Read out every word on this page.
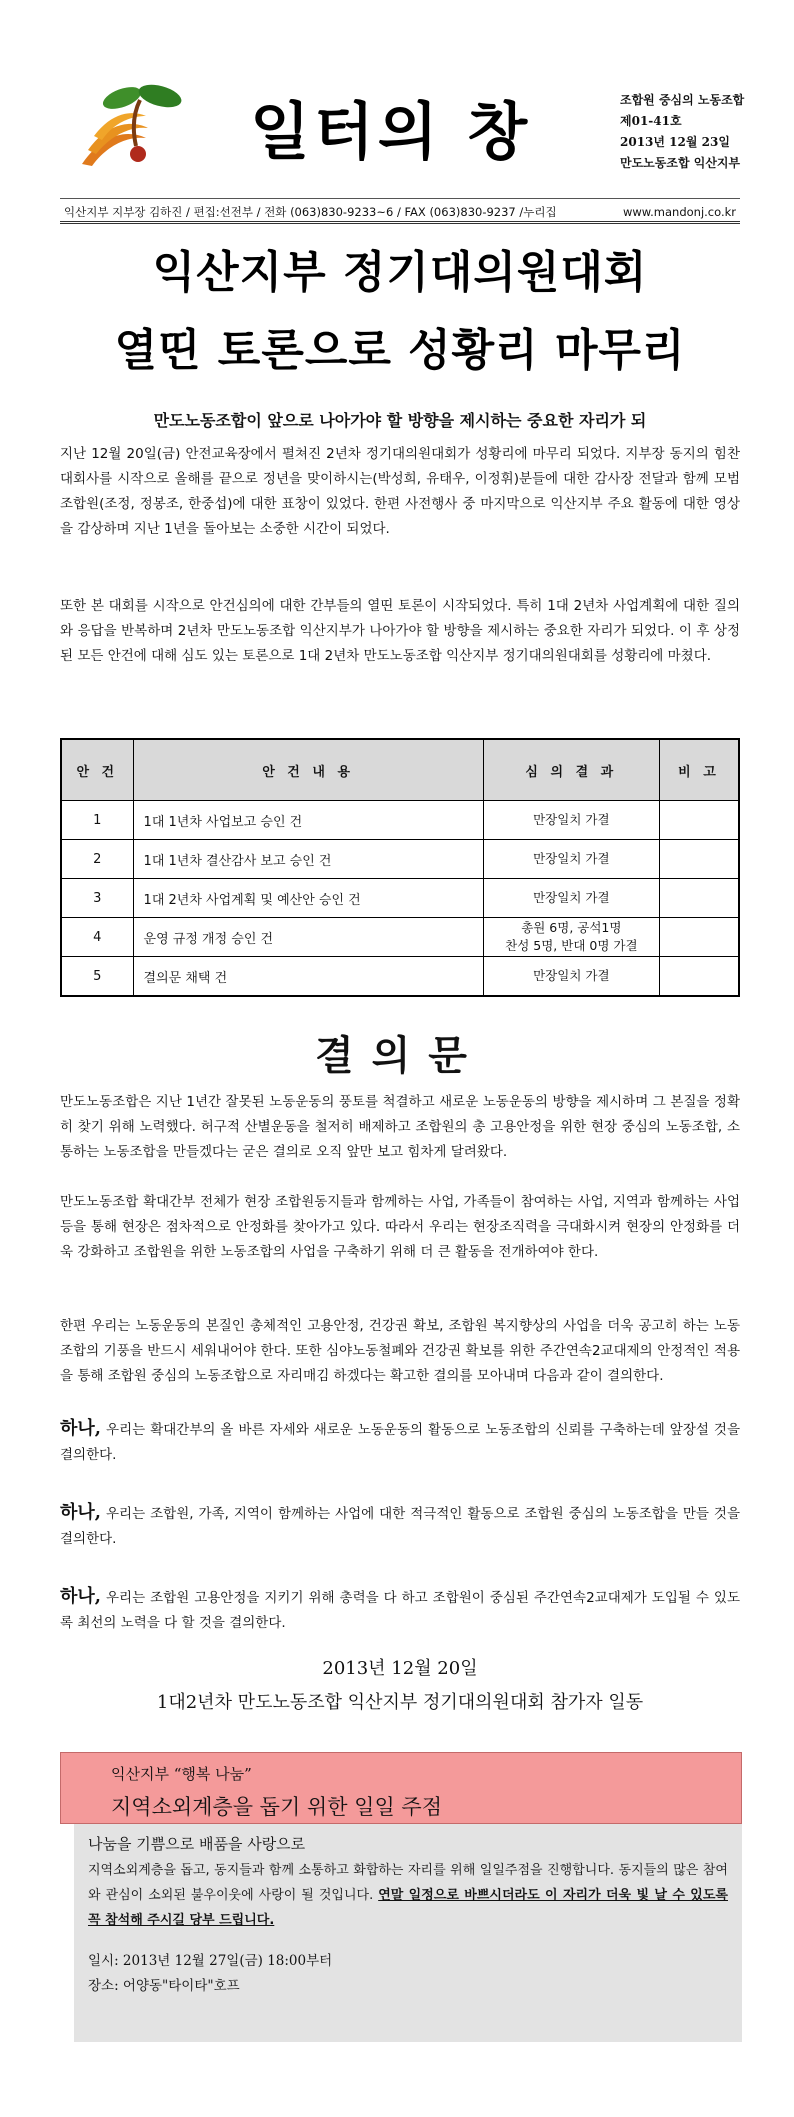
일터의 창	조합원 중심의 노동조합
제01-41호
2013년 12월 23일
만도노동조합 익산지부
익산지부 지부장 김하진 / 편집:선전부 / 전화 (063)830-9233~6 / FAX (063)830-9237 /누리집	www.mandonj.co.kr
익산지부 정기대의원대회
열띤 토론으로 성황리 마무리
만도노동조합이 앞으로 나아가야 할 방향을 제시하는 중요한 자리가 되

지난 12월 20일(금) 안전교육장에서 펼쳐진 2년차 정기대의원대회가 성황리에 마무리 되었다. 지부장 동지의 힘찬 대회사를 시작으로 올해를 끝으로 정년을 맞이하시는(박성희, 유태우, 이정휘)분들에 대한 감사장 전달과 함께 모범조합원(조정, 정봉조, 한중섭)에 대한 표창이 있었다. 한편 사전행사 중 마지막으로 익산지부 주요 활동에 대한 영상을 감상하며 지난 1년을 돌아보는 소중한 시간이 되었다.

또한 본 대회를 시작으로 안건심의에 대한 간부들의 열띤 토론이 시작되었다. 특히 1대 2년차 사업계획에 대한 질의와 응답을 반복하며 2년차 만도노동조합 익산지부가 나아가야 할 방향을 제시하는 중요한 자리가 되었다. 이 후 상정된 모든 안건에 대해 심도 있는 토론으로 1대 2년차 만도노동조합 익산지부 정기대의원대회를 성황리에 마쳤다.

안 건	안 건 내 용	심 의 결 과	비 고
1	1대 1년차 사업보고 승인 건	만장일치 가결	
2	1대 1년차 결산감사 보고 승인 건	만장일치 가결	
3	1대 2년차 사업계획 및 예산안 승인 건	만장일치 가결	
4	운영 규정 개정 승인 건	총원 6명, 공석1명
찬성 5명, 반대 0명 가결	

5	결의문 채택 건	만장일치 가결	
결의문

만도노동조합은 지난 1년간 잘못된 노동운동의 풍토를 척결하고 새로운 노동운동의 방향을 제시하며 그 본질을 정확히 찾기 위해 노력했다. 허구적 산별운동을 철저히 배제하고 조합원의 총 고용안정을 위한 현장 중심의 노동조합, 소통하는 노동조합을 만들겠다는 굳은 결의로 오직 앞만 보고 힘차게 달려왔다.

만도노동조합 확대간부 전체가 현장 조합원동지들과 함께하는 사업, 가족들이 참여하는 사업, 지역과 함께하는 사업 등을 통해 현장은 점차적으로 안정화를 찾아가고 있다. 따라서 우리는 현장조직력을 극대화시켜 현장의 안정화를 더욱 강화하고 조합원을 위한 노동조합의 사업을 구축하기 위해 더 큰 활동을 전개하여야 한다.

한편 우리는 노동운동의 본질인 총체적인 고용안정, 건강권 확보, 조합원 복지향상의 사업을 더욱 공고히 하는 노동조합의 기풍을 반드시 세워내어야 한다. 또한 심야노동철폐와 건강권 확보를 위한 주간연속2교대제의 안정적인 적용을 통해 조합원 중심의 노동조합으로 자리매김 하겠다는 확고한 결의를 모아내며 다음과 같이 결의한다.

하나, 우리는 확대간부의 올 바른 자세와 새로운 노동운동의 활동으로 노동조합의 신뢰를 구축하는데 앞장설 것을 결의한다.

하나, 우리는 조합원, 가족, 지역이 함께하는 사업에 대한 적극적인 활동으로 조합원 중심의 노동조합을 만들 것을 결의한다.

하나, 우리는 조합원 고용안정을 지키기 위해 총력을 다 하고 조합원이 중심된 주간연속2교대제가 도입될 수 있도록 최선의 노력을 다 할 것을 결의한다.

2013년 12월 20일
1대2년차 만도노동조합 익산지부 정기대의원대회 참가자 일동
익산지부 “행복 나눔”
지역소외계층을 돕기 위한 일일 주점

나눔을 기쁨으로 배품을 사랑으로

지역소외계층을 돕고, 동지들과 함께 소통하고 화합하는 자리를 위해 일일주점을 진행합니다. 동지들의 많은 참여와 관심이 소외된 불우이웃에 사랑이 될 것입니다. 연말 일정으로 바쁘시더라도 이 자리가 더욱 빛 날 수 있도록 꼭 참석해 주시길 당부 드립니다.

일시: 2013년 12월 27일(금) 18:00부터

장소: 어양동"타이타"호프
